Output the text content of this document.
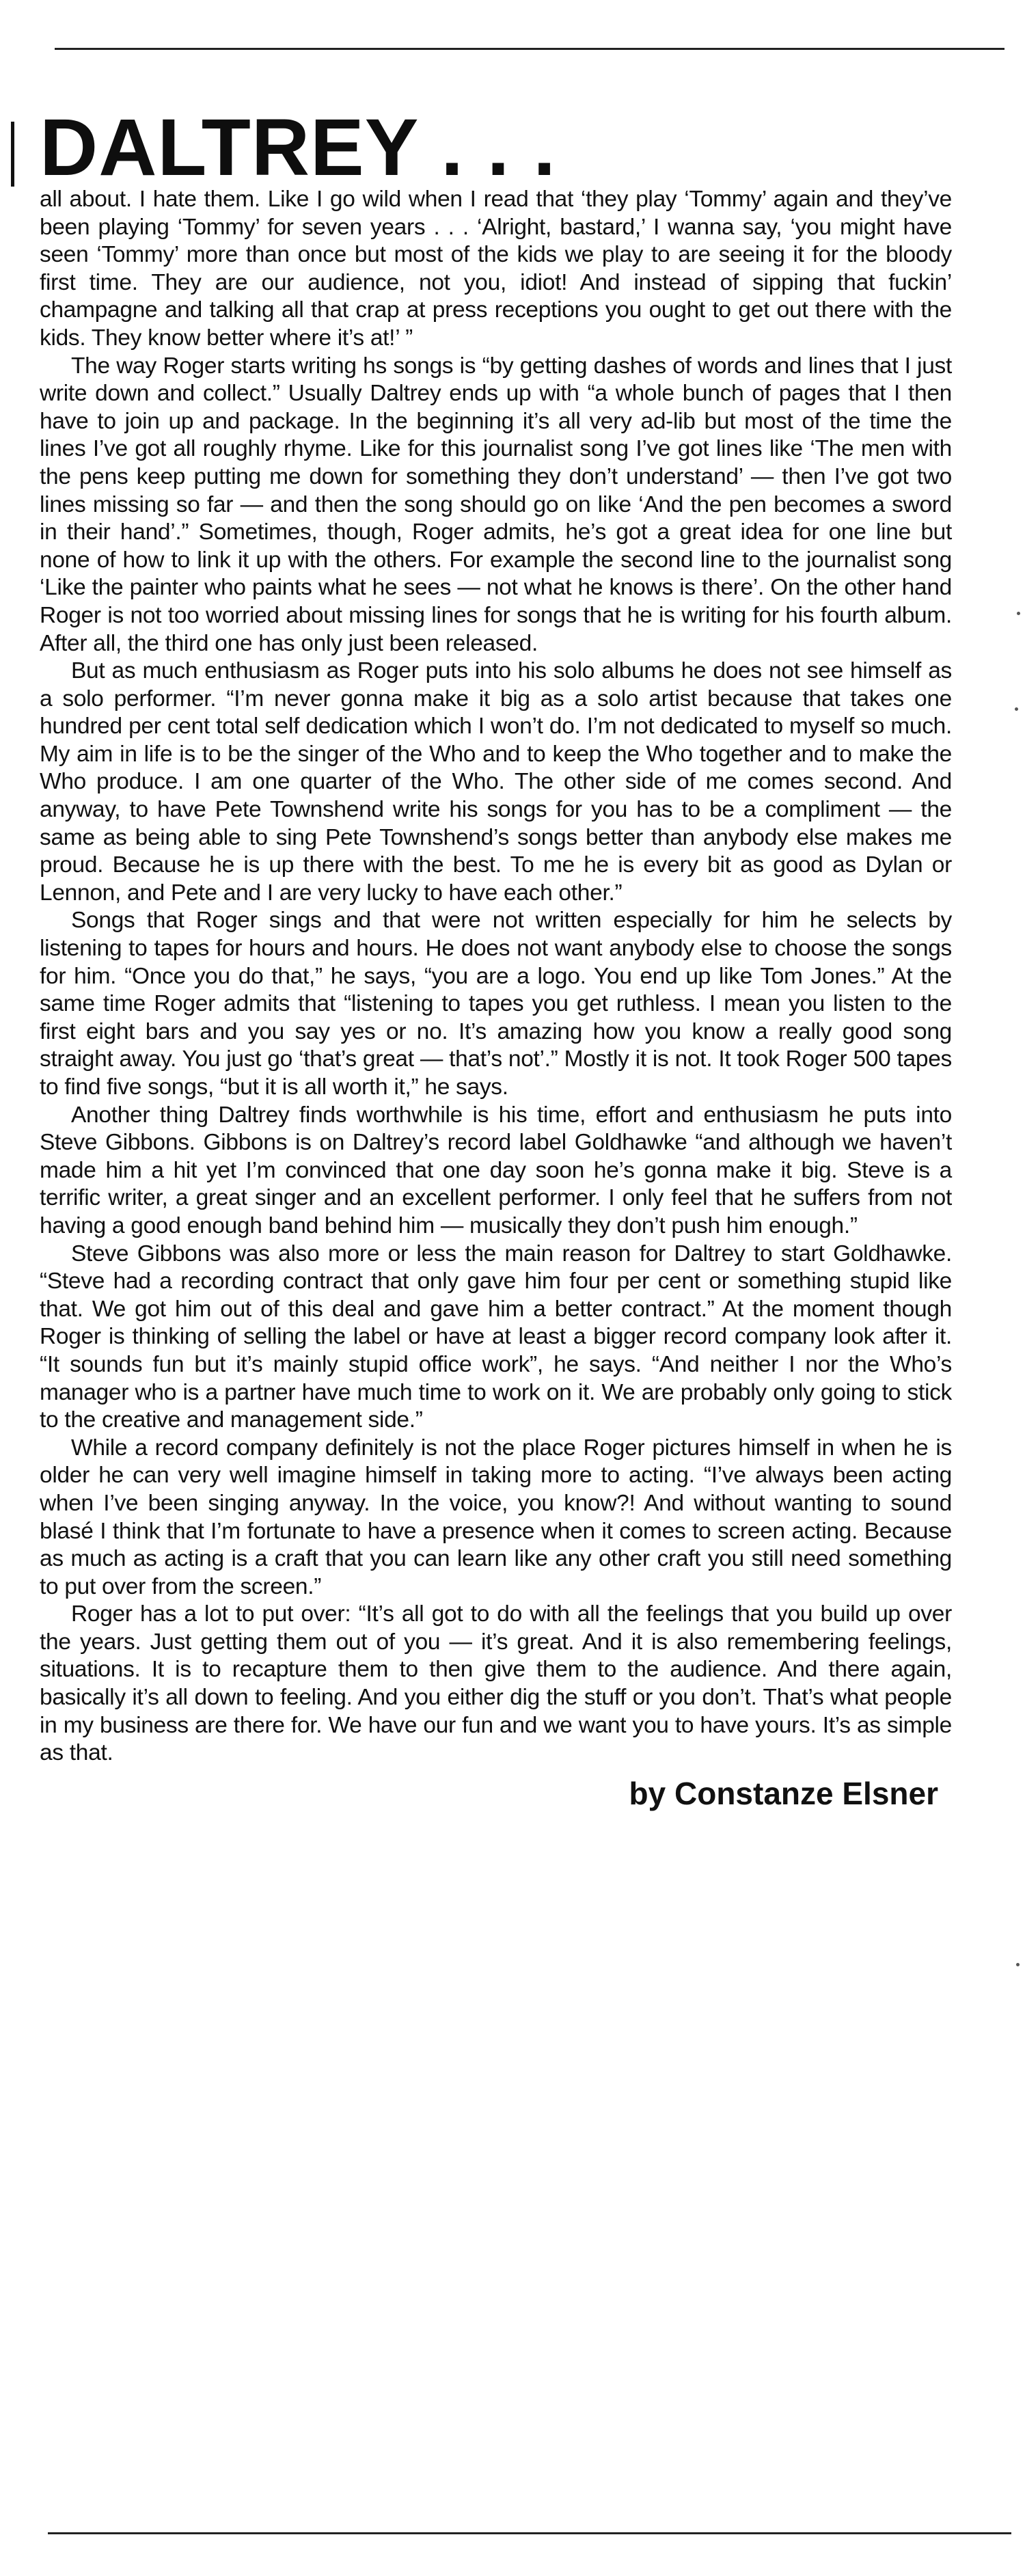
DALTREY . . .

all about. I hate them. Like I go wild when I read that ‘they play ‘Tommy’ again and they’ve been playing ‘Tommy’ for seven years . . . ‘Alright, bastard,’ I wanna say, ‘you might have seen ‘Tommy’ more than once but most of the kids we play to are seeing it for the bloody first time. They are our audience, not you, idiot! And instead of sipping that fuckin’ champagne and talking all that crap at press receptions you ought to get out there with the kids. They know better where it’s at!’ ”

The way Roger starts writing hs songs is “by getting dashes of words and lines that I just write down and collect.” Usually Daltrey ends up with “a whole bunch of pages that I then have to join up and package. In the beginning it’s all very ad-lib but most of the time the lines I’ve got all roughly rhyme. Like for this journalist song I’ve got lines like ‘The men with the pens keep putting me down for something they don’t understand’ — then I’ve got two lines missing so far — and then the song should go on like ‘And the pen becomes a sword in their hand’.” Sometimes, though, Roger admits, he’s got a great idea for one line but none of how to link it up with the others. For example the second line to the journalist song ‘Like the painter who paints what he sees — not what he knows is there’. On the other hand Roger is not too worried about missing lines for songs that he is writing for his fourth album. After all, the third one has only just been released.

But as much enthusiasm as Roger puts into his solo albums he does not see himself as a solo performer. “I’m never gonna make it big as a solo artist because that takes one hundred per cent total self dedication which I won’t do. I’m not dedicated to myself so much. My aim in life is to be the singer of the Who and to keep the Who together and to make the Who produce. I am one quarter of the Who. The other side of me comes second. And anyway, to have Pete Townshend write his songs for you has to be a compliment — the same as being able to sing Pete Townshend’s songs better than anybody else makes me proud. Because he is up there with the best. To me he is every bit as good as Dylan or Lennon, and Pete and I are very lucky to have each other.”

Songs that Roger sings and that were not written especially for him he selects by listening to tapes for hours and hours. He does not want anybody else to choose the songs for him. “Once you do that,” he says, “you are a logo. You end up like Tom Jones.” At the same time Roger admits that “listening to tapes you get ruthless. I mean you listen to the first eight bars and you say yes or no. It’s amazing how you know a really good song straight away. You just go ‘that’s great — that’s not’.” Mostly it is not. It took Roger 500 tapes to find five songs, “but it is all worth it,” he says.

Another thing Daltrey finds worthwhile is his time, effort and enthusiasm he puts into Steve Gibbons. Gibbons is on Daltrey’s record label Goldhawke “and although we haven’t made him a hit yet I’m convinced that one day soon he’s gonna make it big. Steve is a terrific writer, a great singer and an excellent performer. I only feel that he suffers from not having a good enough band behind him — musically they don’t push him enough.”

Steve Gibbons was also more or less the main reason for Daltrey to start Goldhawke. “Steve had a recording contract that only gave him four per cent or something stupid like that. We got him out of this deal and gave him a better contract.” At the moment though Roger is thinking of selling the label or have at least a bigger record company look after it. “It sounds fun but it’s mainly stupid office work”, he says. “And neither I nor the Who’s manager who is a partner have much time to work on it. We are probably only going to stick to the creative and management side.”

While a record company definitely is not the place Roger pictures himself in when he is older he can very well imagine himself in taking more to acting. “I’ve always been acting when I’ve been singing anyway. In the voice, you know?! And without wanting to sound blasé I think that I’m fortunate to have a presence when it comes to screen acting. Because as much as acting is a craft that you can learn like any other craft you still need something to put over from the screen.”

Roger has a lot to put over: “It’s all got to do with all the feelings that you build up over the years. Just getting them out of you — it’s great. And it is also remembering feelings, situations. It is to recapture them to then give them to the audience. And there again, basically it’s all down to feeling. And you either dig the stuff or you don’t. That’s what people in my business are there for. We have our fun and we want you to have yours. It’s as simple as that.

by Constanze Elsner
